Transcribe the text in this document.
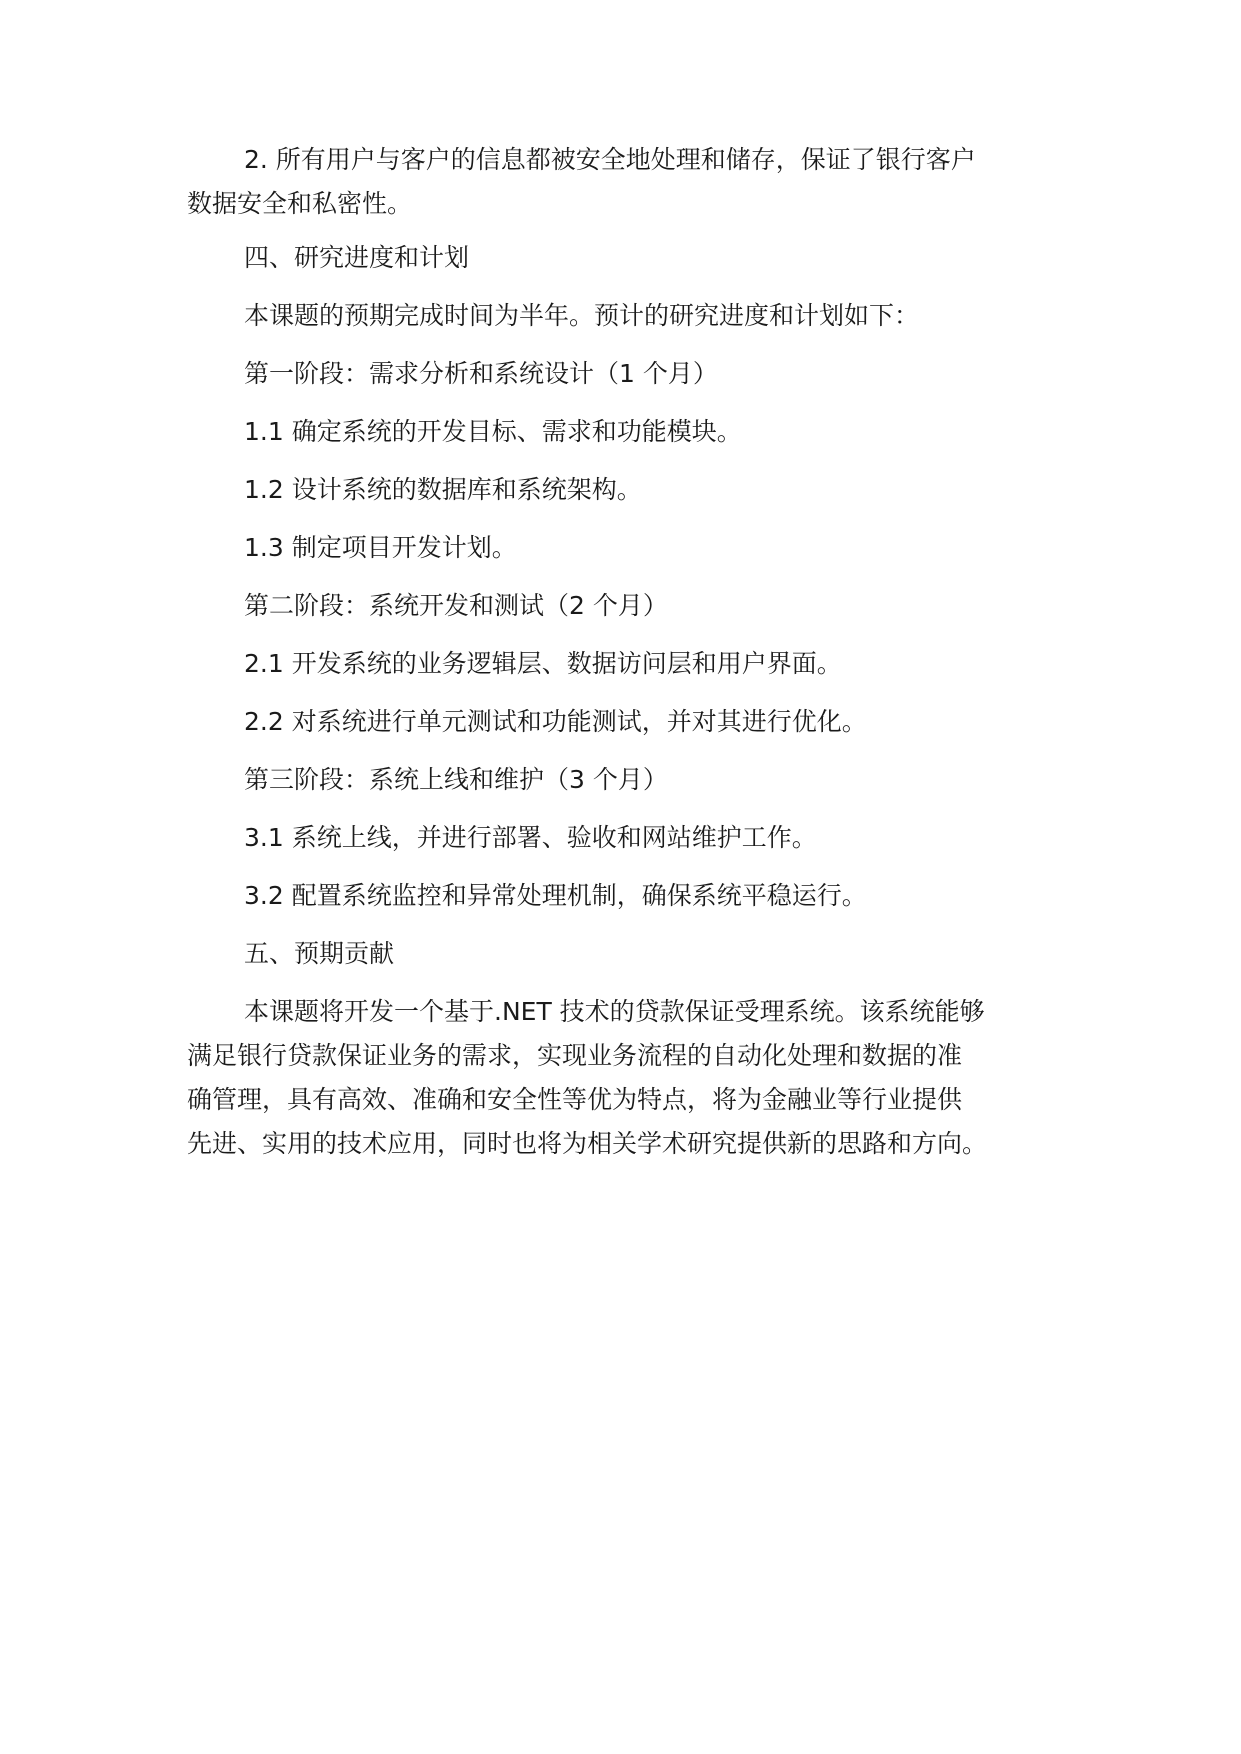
2. 所有用户与客户的信息都被安全地处理和储存，保证了银行客户
数据安全和私密性。

四、研究进度和计划

本课题的预期完成时间为半年。预计的研究进度和计划如下：

第一阶段：需求分析和系统设计（1 个月）

1.1 确定系统的开发目标、需求和功能模块。

1.2 设计系统的数据库和系统架构。

1.3 制定项目开发计划。

第二阶段：系统开发和测试（2 个月）

2.1 开发系统的业务逻辑层、数据访问层和用户界面。

2.2 对系统进行单元测试和功能测试，并对其进行优化。

第三阶段：系统上线和维护（3 个月）

3.1 系统上线，并进行部署、验收和网站维护工作。

3.2 配置系统监控和异常处理机制，确保系统平稳运行。

五、预期贡献

本课题将开发一个基于.NET 技术的贷款保证受理系统。该系统能够
满足银行贷款保证业务的需求，实现业务流程的自动化处理和数据的准
确管理，具有高效、准确和安全性等优为特点，将为金融业等行业提供
先进、实用的技术应用，同时也将为相关学术研究提供新的思路和方向。
